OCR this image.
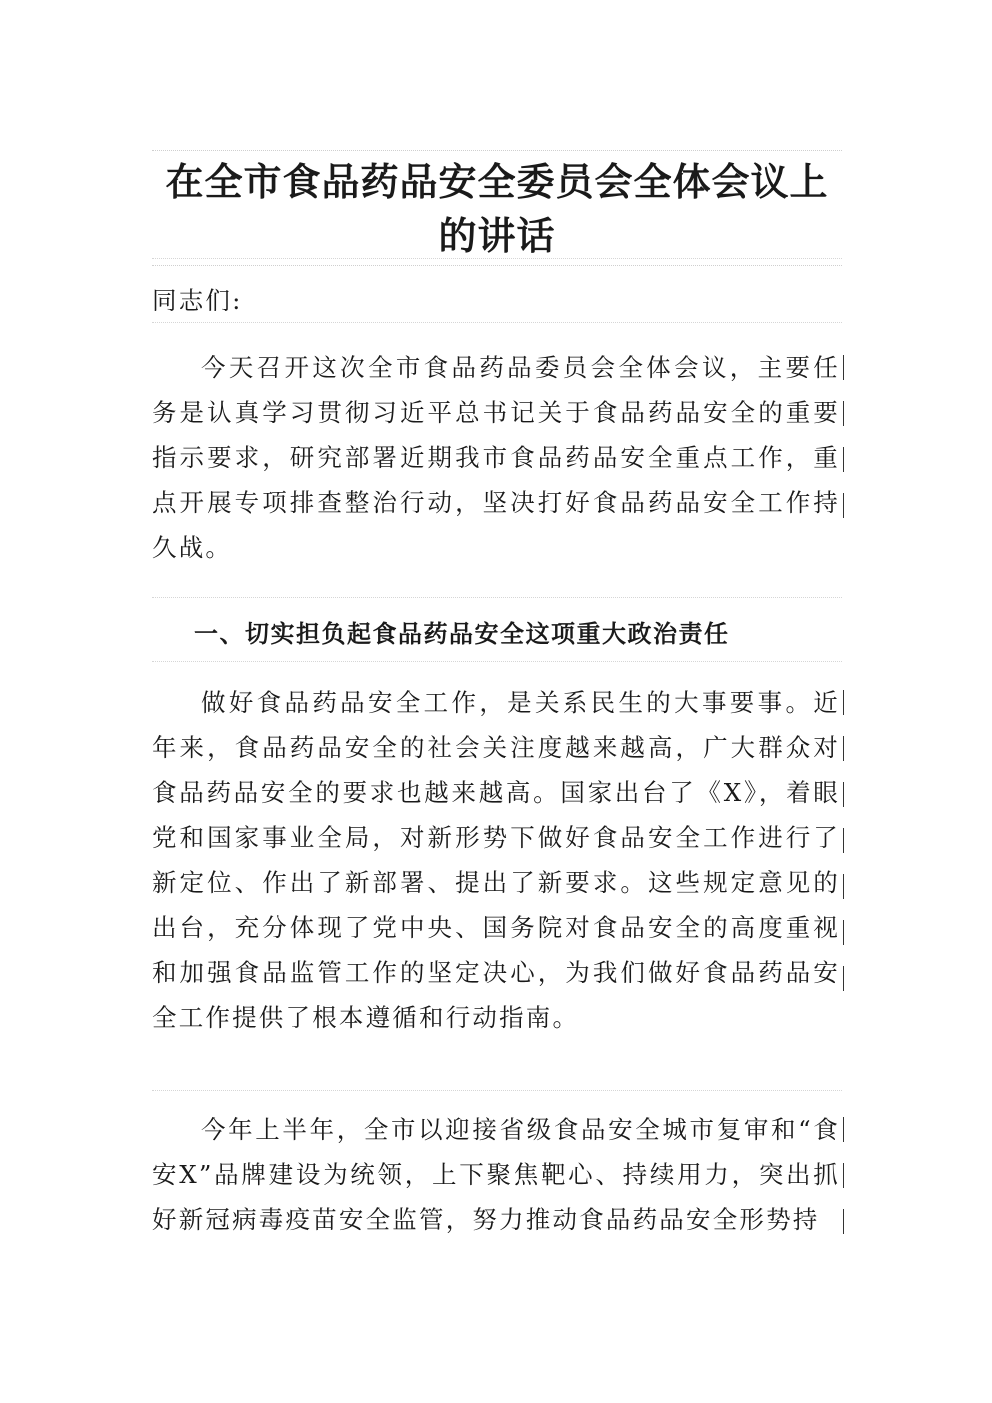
在全市食品药品安全委员会全体会议上的讲话
同志们:
今天召开这次全市食品药品委员会全体会议，主要任务是认真学习贯彻习近平总书记关于食品药品安全的重要指示要求，研究部署近期我市食品药品安全重点工作，重点开展专项排查整治行动，坚决打好食品药品安全工作持久战。
一、切实担负起食品药品安全这项重大政治责任
做好食品药品安全工作，是关系民生的大事要事。近年来，食品药品安全的社会关注度越来越高，广大群众对食品药品安全的要求也越来越高。国家出台了《X》，着眼党和国家事业全局，对新形势下做好食品安全工作进行了新定位、作出了新部署、提出了新要求。这些规定意见的出台，充分体现了党中央、国务院对食品安全的高度重视和加强食品监管工作的坚定决心，为我们做好食品药品安全工作提供了根本遵循和行动指南。
今年上半年，全市以迎接省级食品安全城市复审和“食安X”品牌建设为统领，上下聚焦靶心、持续用力，突出抓好新冠病毒疫苗安全监管，努力推动食品药品安全形势持
